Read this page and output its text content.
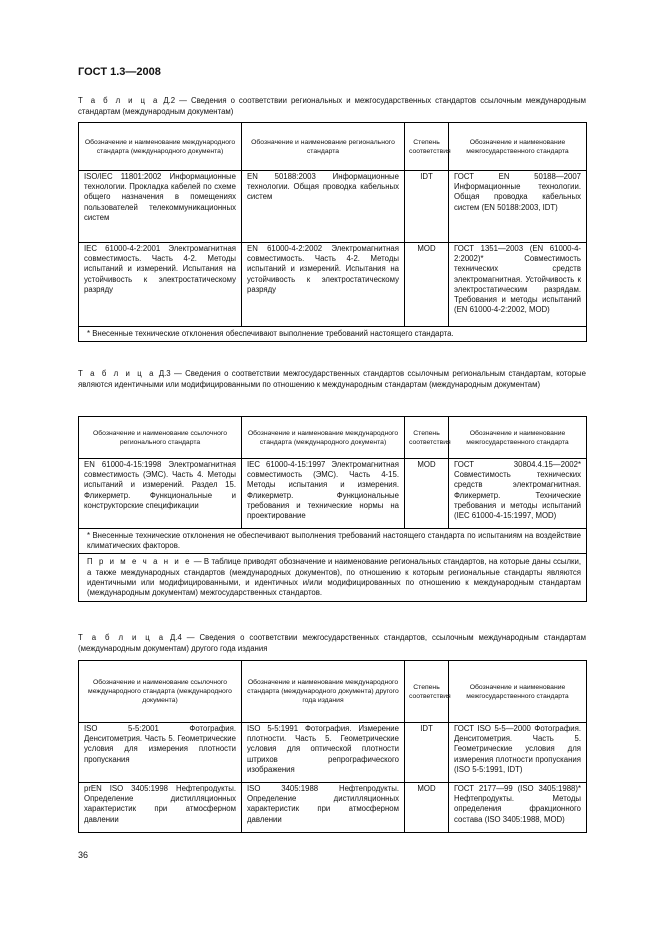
ГОСТ 1.3—2008
Т а б л и ц а Д.2 — Сведения о соответствии региональных и межгосударственных стандартов ссылочным международным стандартам (международным документам)
Обозначение и наименование международного стандарта (международного документа)	Обозначение и наименование регионального стандарта	Степень соответствия	Обозначение и наименование межгосударственного стандарта
ISO/IEC 11801:2002 Информационные технологии. Прокладка кабелей по схеме общего назначения в помещениях пользователей телекоммуникационных систем	EN 50188:2003 Информационные технологии. Общая проводка кабельных систем	IDT	ГОСТ EN 50188—2007 Информационные технологии. Общая проводка кабельных систем (EN 50188:2003, IDT)
IEC 61000-4-2:2001 Электромагнитная совместимость. Часть 4-2. Методы испытаний и измерений. Испытания на устойчивость к электростатическому разряду	EN 61000-4-2:2002 Электромагнитная совместимость. Часть 4-2. Методы испытаний и измерений. Испытания на устойчивость к электростатическому разряду	MOD	ГОСТ 1351—2003 (EN 61000-4-2:2002)* Совместимость технических средств электромагнитная. Устойчивость к электростатическим разрядам. Требования и методы испытаний (EN 61000-4-2:2002, MOD)
* Внесенные технические отклонения обеспечивают выполнение требований настоящего стандарта.			
Т а б л и ц а Д.3 — Сведения о соответствии межгосударственных стандартов ссылочным региональным стандартам, которые являются идентичными или модифицированными по отношению к международным стандартам (международным документам)
Обозначение и наименование ссылочного регионального стандарта	Обозначение и наименование международного стандарта (международного документа)	Степень соответствия	Обозначение и наименование межгосударственного стандарта
EN 61000-4-15:1998 Электромагнитная совместимость (ЭМС). Часть 4. Методы испытаний и измерений. Раздел 15. Фликерметр. Функциональные и конструкторские спецификации	IEC 61000-4-15:1997 Электромагнитная совместимость (ЭМС). Часть 4-15. Методы испытания и измерения. Фликерметр. Функциональные требования и технические нормы на проектирование	MOD	ГОСТ 30804.4.15—2002* Совместимость технических средств электромагнитная. Фликерметр. Технические требования и методы испытаний (IEC 61000-4-15:1997, MOD)
* Внесенные технические отклонения не обеспечивают выполнения требований настоящего стандарта по испытаниям на воздействие климатических факторов.			
П р и м е ч а н и е — В таблице приводят обозначение и наименование региональных стандартов, на которые даны ссылки, а также международных стандартов (международных документов), по отношению к которым региональные стандарты являются идентичными или модифицированными, и идентичных и/или модифицированных по отношению к международным стандартам (международным документам) межгосударственных стандартов.			
Т а б л и ц а Д.4 — Сведения о соответствии межгосударственных стандартов, ссылочным международным стандартам (международным документам) другого года издания
Обозначение и наименование ссылочного международного стандарта (международного документа)	Обозначение и наименование международного стандарта (международного документа) другого года издания	Степень соответствия	Обозначение и наименование межгосударственного стандарта
ISO 5-5:2001 Фотография. Денситометрия. Часть 5. Геометрические условия для измерения плотности пропускания	ISO 5-5:1991 Фотография. Измерение плотности. Часть 5. Геометрические условия для оптической плотности штрихов репрографического изображения	IDT	ГОСТ ISO 5-5—2000 Фотография. Денситометрия. Часть 5. Геометрические условия для измерения плотности пропускания (ISO 5-5:1991, IDT)
prEN ISO 3405:1998 Нефтепродукты. Определение дистилляционных характеристик при атмосферном давлении	ISO 3405:1988 Нефтепродукты. Определение дистилляционных характеристик при атмосферном давлении	MOD	ГОСТ 2177—99 (ISO 3405:1988)* Нефтепродукты. Методы определения фракционного состава (ISO 3405:1988, MOD)
36
